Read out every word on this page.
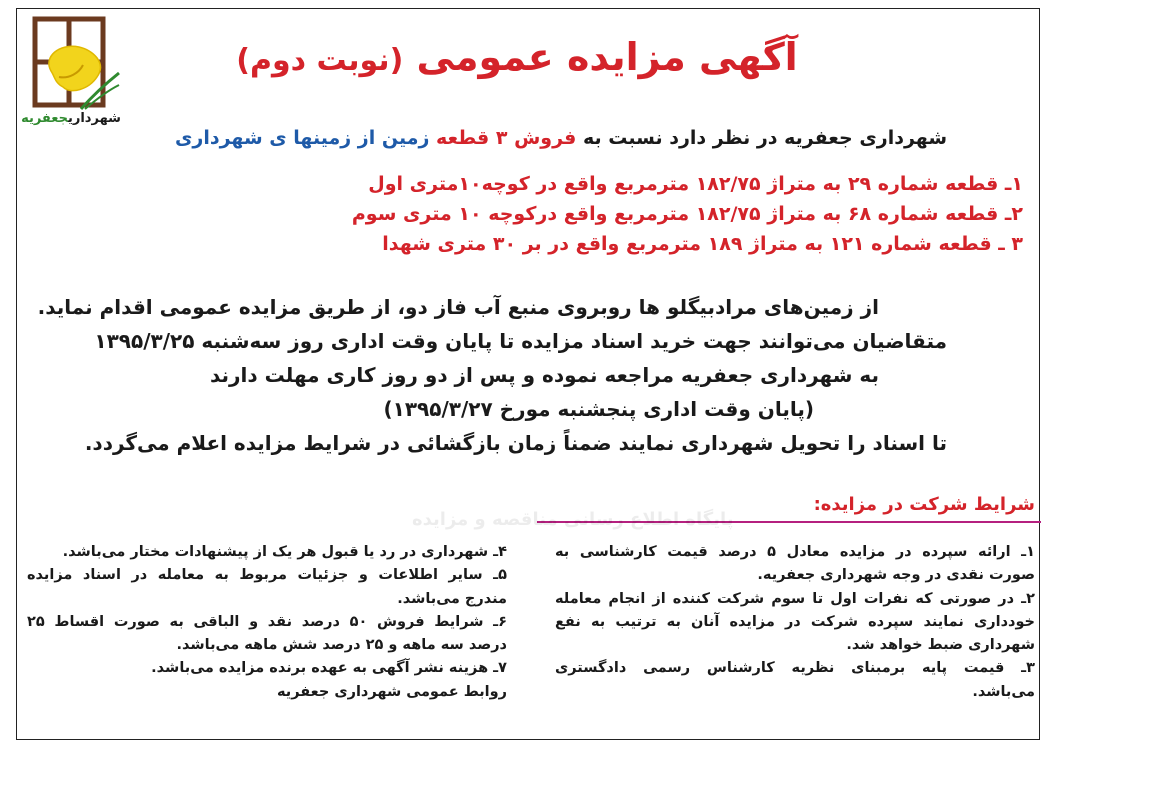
شهرداریجعفریه
آگهی مزایده عمومی (نوبت دوم)
شهرداری جعفریه در نظر دارد نسبت به فروش ۳ قطعه زمین از زمینها ی شهرداری
۱ـ قطعه شماره ۲۹ به متراژ ۱۸۲/۷۵ مترمربع واقع در کوچه۱۰متری اول
۲ـ قطعه شماره ۶۸ به متراژ ۱۸۲/۷۵ مترمربع واقع درکوچه ۱۰ متری سوم
۳ ـ قطعه شماره ۱۲۱ به متراژ ۱۸۹ مترمربع واقع در بر ۳۰ متری شهدا
از زمین‌های مرادبیگلو ها روبروی منبع آب فاز دو، از طریق مزایده عمومی اقدام نماید.
متقاضیان می‌توانند جهت خرید اسناد مزایده تا پایان وقت اداری روز سه‌شنبه ۱۳۹۵/۳/۲۵
به شهرداری جعفریه مراجعه نموده و پس از دو روز کاری مهلت دارند
(پایان وقت اداری پنجشنبه مورخ ۱۳۹۵/۳/۲۷)
تا اسناد را تحویل شهرداری نمایند ضمناً زمان بازگشائی در شرایط مزایده اعلام می‌گردد.
شرایط شرکت در مزایده:
۱ـ ارائه سپرده در مزایده معادل ۵ درصد قیمت کارشناسی به
صورت نقدی در وجه شهرداری جعفریه.
۲ـ در صورتی که نفرات اول تا سوم شرکت کننده از انجام معامله
خودداری نمایند سپرده شرکت در مزایده آنان به ترتیب به نفع
شهرداری ضبط خواهد شد.
۳ـ قیمت پایه برمبنای نظریه کارشناس رسمی دادگستری
می‌باشد.
۴ـ شهرداری در رد یا قبول هر یک از پیشنهادات مختار می‌باشد.
۵ـ سایر اطلاعات و جزئیات مربوط به معامله در اسناد مزایده
مندرج می‌باشد.
۶ـ شرایط فروش ۵۰ درصد نقد و الباقی به صورت اقساط ۲۵
درصد سه ماهه و ۲۵ درصد شش ماهه می‌باشد.
۷ـ هزینه نشر آگهی به عهده برنده مزایده می‌باشد.
روابط عمومی شهرداری جعفریه
پایگاه اطلاع رسانی مناقصه و مزایده
